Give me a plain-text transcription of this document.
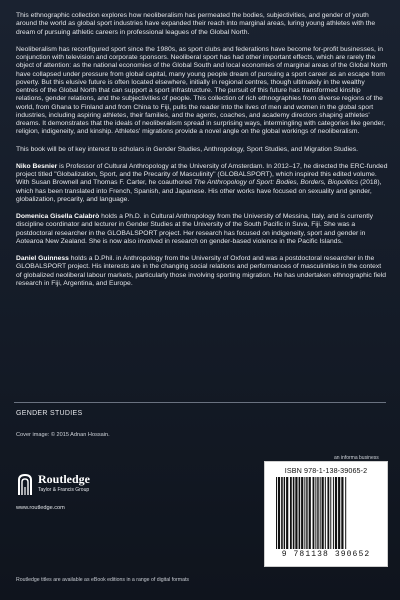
This ethnographic collection explores how neoliberalism has permeated the bodies, subjectivities, and gender of youth around the world as global sport industries have expanded their reach into marginal areas, luring young athletes with the dream of pursuing athletic careers in professional leagues of the Global North.

Neoliberalism has reconfigured sport since the 1980s, as sport clubs and federations have become for-profit businesses, in conjunction with television and corporate sponsors. Neoliberal sport has had other important effects, which are rarely the object of attention: as the national economies of the Global South and local economies of marginal areas of the Global North have collapsed under pressure from global capital, many young people dream of pursuing a sport career as an escape from poverty. But this elusive future is often located elsewhere, initially in regional centres, though ultimately in the wealthy centres of the Global North that can support a sport infrastructure. The pursuit of this future has transformed kinship relations, gender relations, and the subjectivities of people. This collection of rich ethnographies from diverse regions of the world, from Ghana to Finland and from China to Fiji, pulls the reader into the lives of men and women in the global sport industries, including aspiring athletes, their families, and the agents, coaches, and academy directors shaping athletes' dreams. It demonstrates that the ideals of neoliberalism spread in surprising ways, intermingling with categories like gender, religion, indigeneity, and kinship. Athletes' migrations provide a novel angle on the global workings of neoliberalism.

This book will be of key interest to scholars in Gender Studies, Anthropology, Sport Studies, and Migration Studies.

Niko Besnier is Professor of Cultural Anthropology at the University of Amsterdam. In 2012–17, he directed the ERC-funded project titled "Globalization, Sport, and the Precarity of Masculinity" (GLOBALSPORT), which inspired this edited volume. With Susan Brownell and Thomas F. Carter, he coauthored The Anthropology of Sport: Bodies, Borders, Biopolitics (2018), which has been translated into French, Spanish, and Japanese. His other works have focused on sexuality and gender, globalization, precarity, and language.

Domenica Gisella Calabrò holds a Ph.D. in Cultural Anthropology from the University of Messina, Italy, and is currently discipline coordinator and lecturer in Gender Studies at the University of the South Pacific in Suva, Fiji. She was a postdoctoral researcher in the GLOBALSPORT project. Her research has focused on indigeneity, sport and gender in Aotearoa New Zealand. She is now also involved in research on gender-based violence in the Pacific Islands.

Daniel Guinness holds a D.Phil. in Anthropology from the University of Oxford and was a postdoctoral researcher in the GLOBALSPORT project. His interests are in the changing social relations and performances of masculinities in the context of globalized neoliberal labour markets, particularly those involving sporting migration. He has undertaken ethnographic field research in Fiji, Argentina, and Europe.

GENDER STUDIES
Cover image: © 2015 Adnan Hossain.
Routledge
Taylor & Francis Group
www.routledge.com
an informa business
ISBN 978-1-138-39065-2
9 781138 390652
Routledge titles are available as eBook editions in a range of digital formats
